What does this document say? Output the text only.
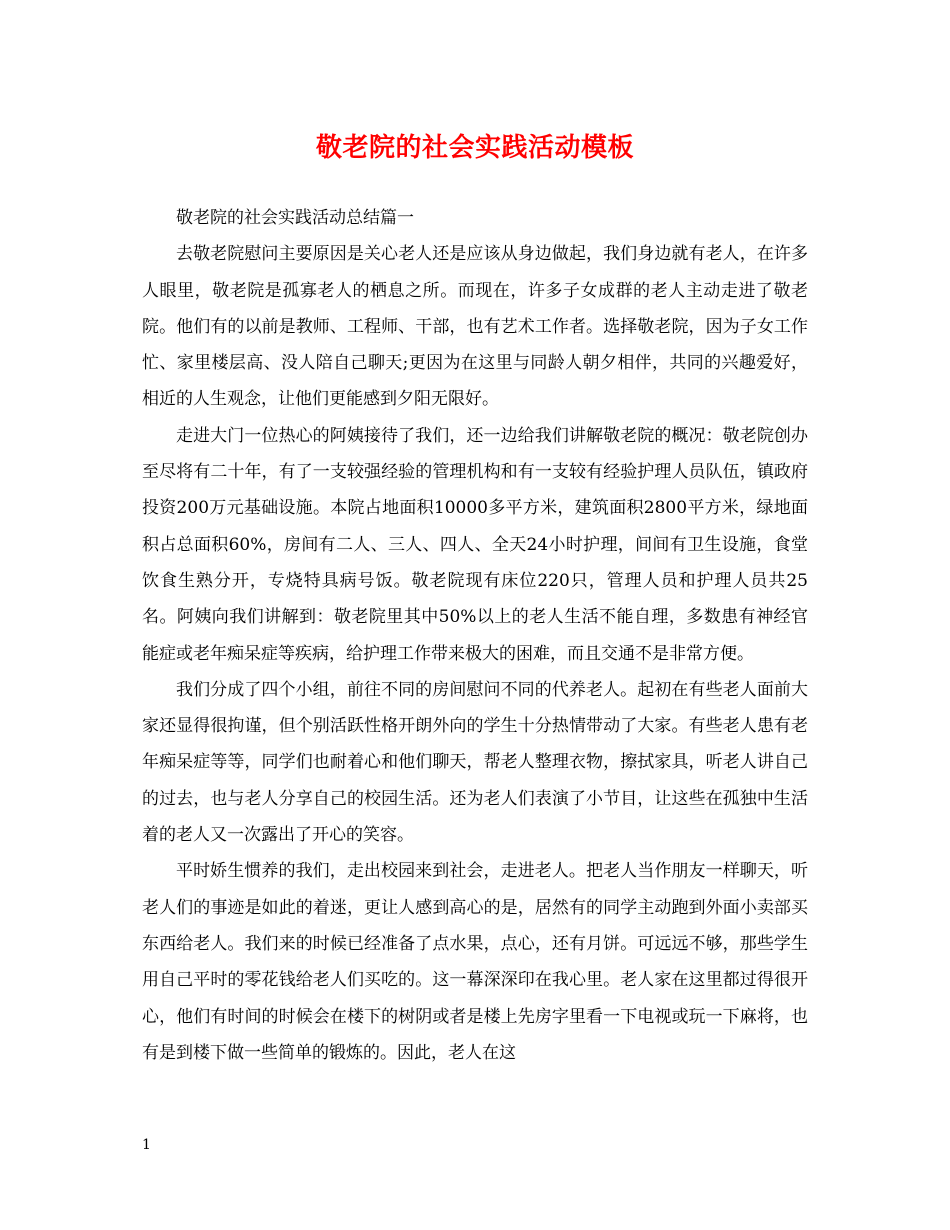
敬老院的社会实践活动模板

敬老院的社会实践活动总结篇一

去敬老院慰问主要原因是关心老人还是应该从身边做起，我们身边就有老人，在许多人眼里，敬老院是孤寡老人的栖息之所。而现在，许多子女成群的老人主动走进了敬老院。他们有的以前是教师、工程师、干部，也有艺术工作者。选择敬老院，因为子女工作忙、家里楼层高、没人陪自己聊天;更因为在这里与同龄人朝夕相伴，共同的兴趣爱好，相近的人生观念，让他们更能感到夕阳无限好。

走进大门一位热心的阿姨接待了我们，还一边给我们讲解敬老院的概况：敬老院创办至尽将有二十年，有了一支较强经验的管理机构和有一支较有经验护理人员队伍，镇政府投资200万元基础设施。本院占地面积10000多平方米，建筑面积2800平方米，绿地面积占总面积60%，房间有二人、三人、四人、全天24小时护理，间间有卫生设施，食堂饮食生熟分开，专烧特具病号饭。敬老院现有床位220只，管理人员和护理人员共25名。阿姨向我们讲解到：敬老院里其中50%以上的老人生活不能自理，多数患有神经官能症或老年痴呆症等疾病，给护理工作带来极大的困难，而且交通不是非常方便。

我们分成了四个小组，前往不同的房间慰问不同的代养老人。起初在有些老人面前大家还显得很拘谨，但个别活跃性格开朗外向的学生十分热情带动了大家。有些老人患有老年痴呆症等等，同学们也耐着心和他们聊天，帮老人整理衣物，擦拭家具，听老人讲自己的过去，也与老人分享自己的校园生活。还为老人们表演了小节目，让这些在孤独中生活着的老人又一次露出了开心的笑容。

平时娇生惯养的我们，走出校园来到社会，走进老人。把老人当作朋友一样聊天，听老人们的事迹是如此的着迷，更让人感到高心的是，居然有的同学主动跑到外面小卖部买东西给老人。我们来的时候已经准备了点水果，点心，还有月饼。可远远不够，那些学生用自己平时的零花钱给老人们买吃的。这一幕深深印在我心里。老人家在这里都过得很开心，他们有时间的时候会在楼下的树阴或者是楼上先房字里看一下电视或玩一下麻将，也有是到楼下做一些简单的锻炼的。因此，老人在这

1
